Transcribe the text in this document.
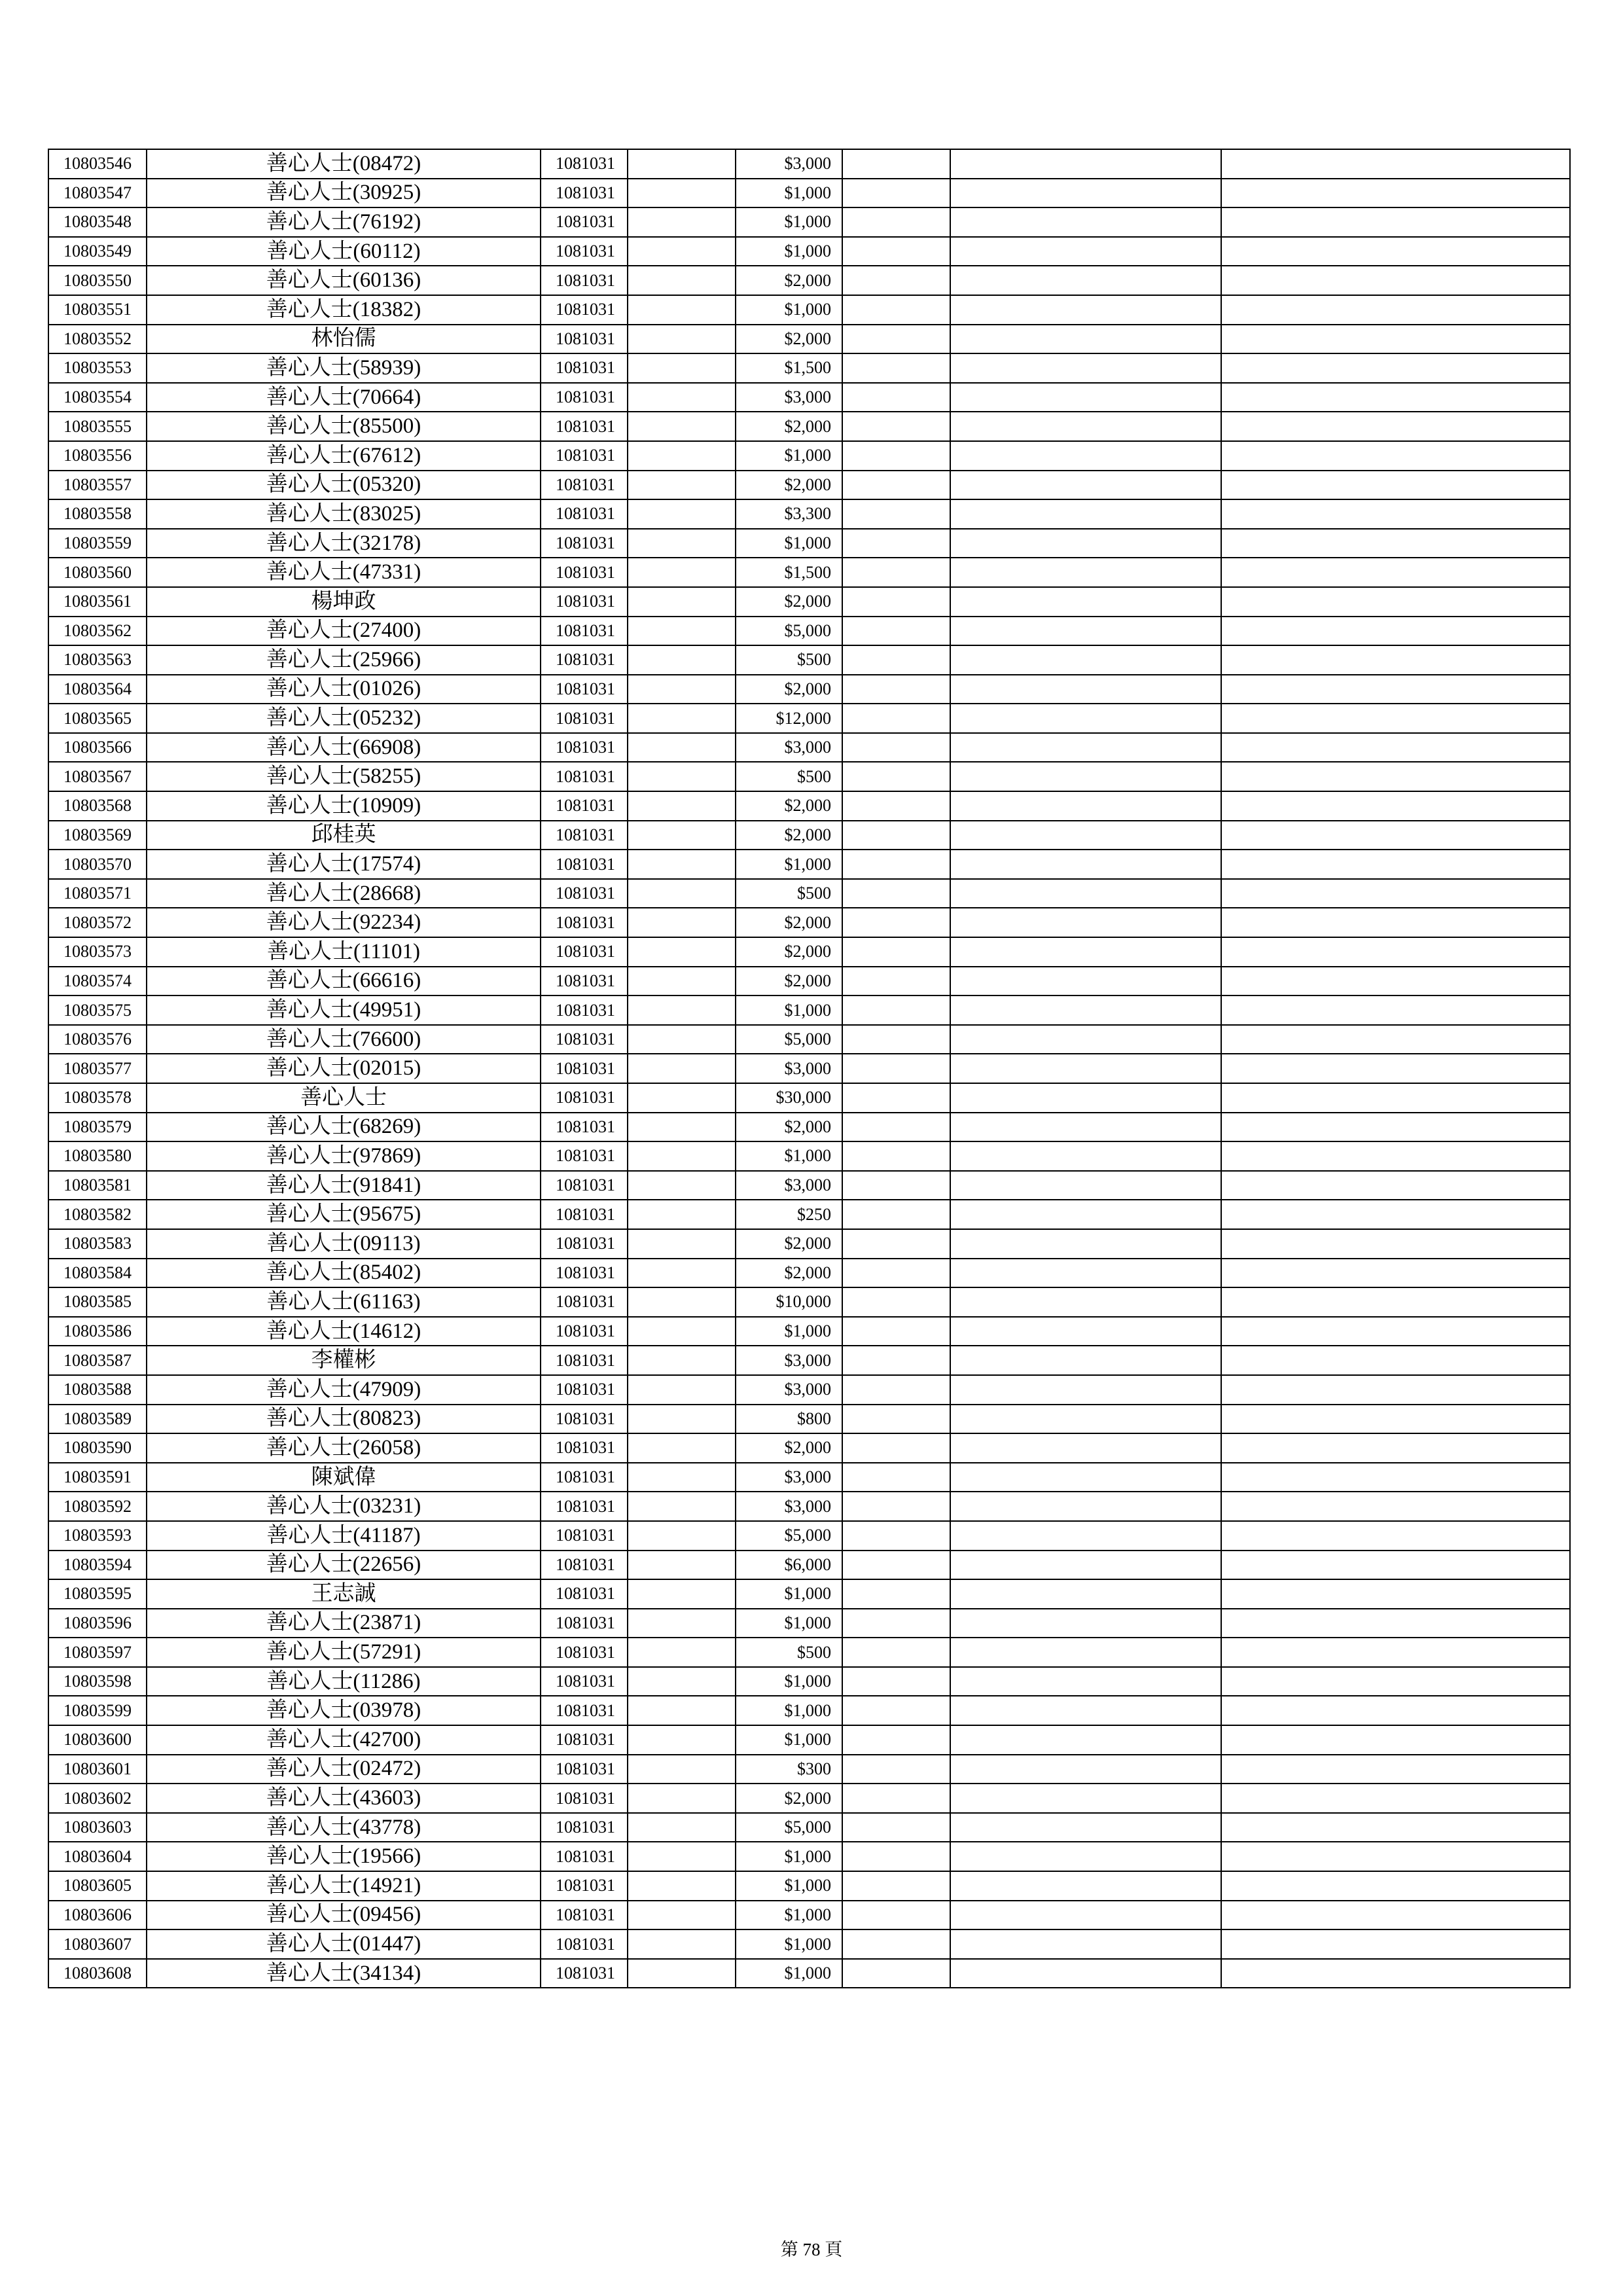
10803546	善心人士(08472)	1081031		$3,000			
10803547	善心人士(30925)	1081031		$1,000			
10803548	善心人士(76192)	1081031		$1,000			
10803549	善心人士(60112)	1081031		$1,000			
10803550	善心人士(60136)	1081031		$2,000			
10803551	善心人士(18382)	1081031		$1,000			
10803552	林怡儒	1081031		$2,000			
10803553	善心人士(58939)	1081031		$1,500			
10803554	善心人士(70664)	1081031		$3,000			
10803555	善心人士(85500)	1081031		$2,000			
10803556	善心人士(67612)	1081031		$1,000			
10803557	善心人士(05320)	1081031		$2,000			
10803558	善心人士(83025)	1081031		$3,300			
10803559	善心人士(32178)	1081031		$1,000			
10803560	善心人士(47331)	1081031		$1,500			
10803561	楊坤政	1081031		$2,000			
10803562	善心人士(27400)	1081031		$5,000			
10803563	善心人士(25966)	1081031		$500			
10803564	善心人士(01026)	1081031		$2,000			
10803565	善心人士(05232)	1081031		$12,000			
10803566	善心人士(66908)	1081031		$3,000			
10803567	善心人士(58255)	1081031		$500			
10803568	善心人士(10909)	1081031		$2,000			
10803569	邱桂英	1081031		$2,000			
10803570	善心人士(17574)	1081031		$1,000			
10803571	善心人士(28668)	1081031		$500			
10803572	善心人士(92234)	1081031		$2,000			
10803573	善心人士(11101)	1081031		$2,000			
10803574	善心人士(66616)	1081031		$2,000			
10803575	善心人士(49951)	1081031		$1,000			
10803576	善心人士(76600)	1081031		$5,000			
10803577	善心人士(02015)	1081031		$3,000			
10803578	善心人士	1081031		$30,000			
10803579	善心人士(68269)	1081031		$2,000			
10803580	善心人士(97869)	1081031		$1,000			
10803581	善心人士(91841)	1081031		$3,000			
10803582	善心人士(95675)	1081031		$250			
10803583	善心人士(09113)	1081031		$2,000			
10803584	善心人士(85402)	1081031		$2,000			
10803585	善心人士(61163)	1081031		$10,000			
10803586	善心人士(14612)	1081031		$1,000			
10803587	李權彬	1081031		$3,000			
10803588	善心人士(47909)	1081031		$3,000			
10803589	善心人士(80823)	1081031		$800			
10803590	善心人士(26058)	1081031		$2,000			
10803591	陳斌偉	1081031		$3,000			
10803592	善心人士(03231)	1081031		$3,000			
10803593	善心人士(41187)	1081031		$5,000			
10803594	善心人士(22656)	1081031		$6,000			
10803595	王志誠	1081031		$1,000			
10803596	善心人士(23871)	1081031		$1,000			
10803597	善心人士(57291)	1081031		$500			
10803598	善心人士(11286)	1081031		$1,000			
10803599	善心人士(03978)	1081031		$1,000			
10803600	善心人士(42700)	1081031		$1,000			
10803601	善心人士(02472)	1081031		$300			
10803602	善心人士(43603)	1081031		$2,000			
10803603	善心人士(43778)	1081031		$5,000			
10803604	善心人士(19566)	1081031		$1,000			
10803605	善心人士(14921)	1081031		$1,000			
10803606	善心人士(09456)	1081031		$1,000			
10803607	善心人士(01447)	1081031		$1,000			
10803608	善心人士(34134)	1081031		$1,000			
第 78 頁
